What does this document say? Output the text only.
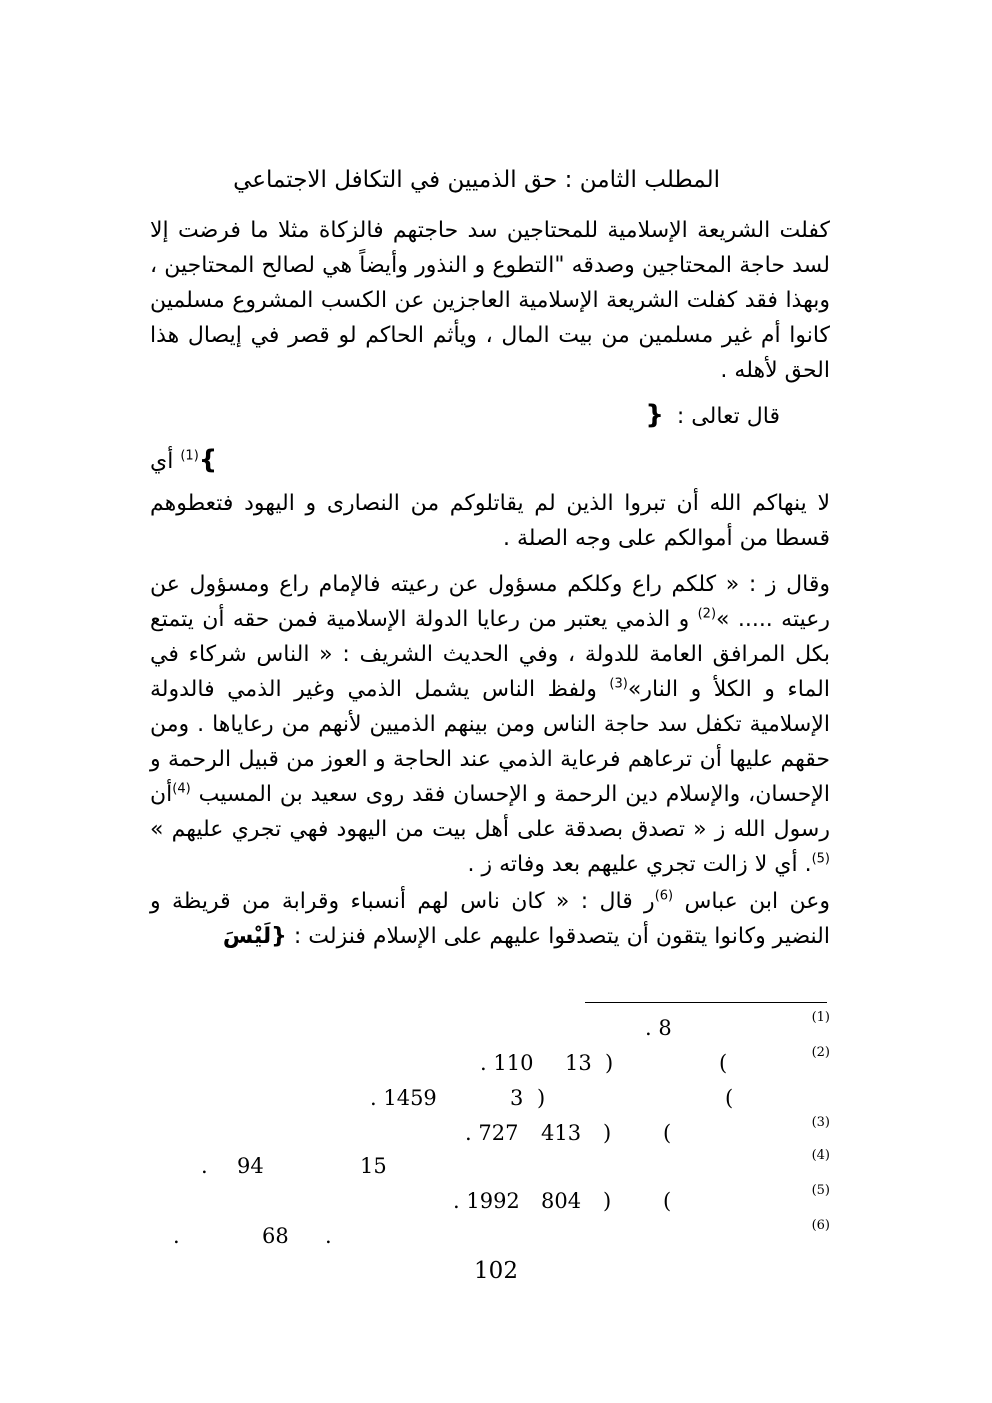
المطلب الثامن : حق الذميين في التكافل الاجتماعي
كفلت الشريعة الإسلامية للمحتاجين سد حاجتهم فالزكاة مثلا ما فرضت إلا لسد حاجة المحتاجين وصدقه "التطوع و النذور وأيضاً هي لصالح المحتاجين ، وبهذا فقد كفلت الشريعة الإسلامية العاجزين عن الكسب المشروع مسلمين كانوا أم غير مسلمين من بيت المال ، ويأثم الحاكم لو قصر في إيصال هذا الحق لأهله .
قال تعالى : {
}$^{(1)}$ أي
لا ينهاكم الله أن تبروا الذين لم يقاتلوكم من النصارى و اليهود فتعطوهم قسطا من أموالكم على وجه الصلة .
وقال ز : « كلكم راع وكلكم مسؤول عن رعيته فالإمام راع ومسؤول عن رعيته ..... »$^{(2)}$ و الذمي يعتبر من رعايا الدولة الإسلامية فمن حقه أن يتمتع بكل المرافق العامة للدولة ، وفي الحديث الشريف : « الناس شركاء في الماء و الكلأ و النار»$^{(3)}$ ولفظ الناس يشمل الذمي وغير الذمي فالدولة الإسلامية تكفل سد حاجة الناس ومن بينهم الذميين لأنهم من رعاياها . ومن حقهم عليها أن ترعاهم فرعاية الذمي عند الحاجة و العوز من قبيل الرحمة و الإحسان، والإسلام دين الرحمة و الإحسان فقد روى سعيد بن المسيب $^{(4)}$أن رسول الله ز « تصدق بصدقة على أهل بيت من اليهود فهي تجري عليهم » $^{(5)}$. أي لا زالت تجري عليهم بعد وفاته ز .
وعن ابن عباس $^{(6)}$ر قال : « كان ناس لهم أنسباء وقرابة من قريظة و النضير وكانوا يتقون أن يتصدقوا عليهم على الإسلام فنزلت : {لَيْسَ
(1)
. 8
(2)
(
)
13
. 110
(
)
3
. 1459
(3)
(
)
413
. 727
(4)
15
94
.
(5)
(
)
804
. 1992
(6)
.
68
.
102
